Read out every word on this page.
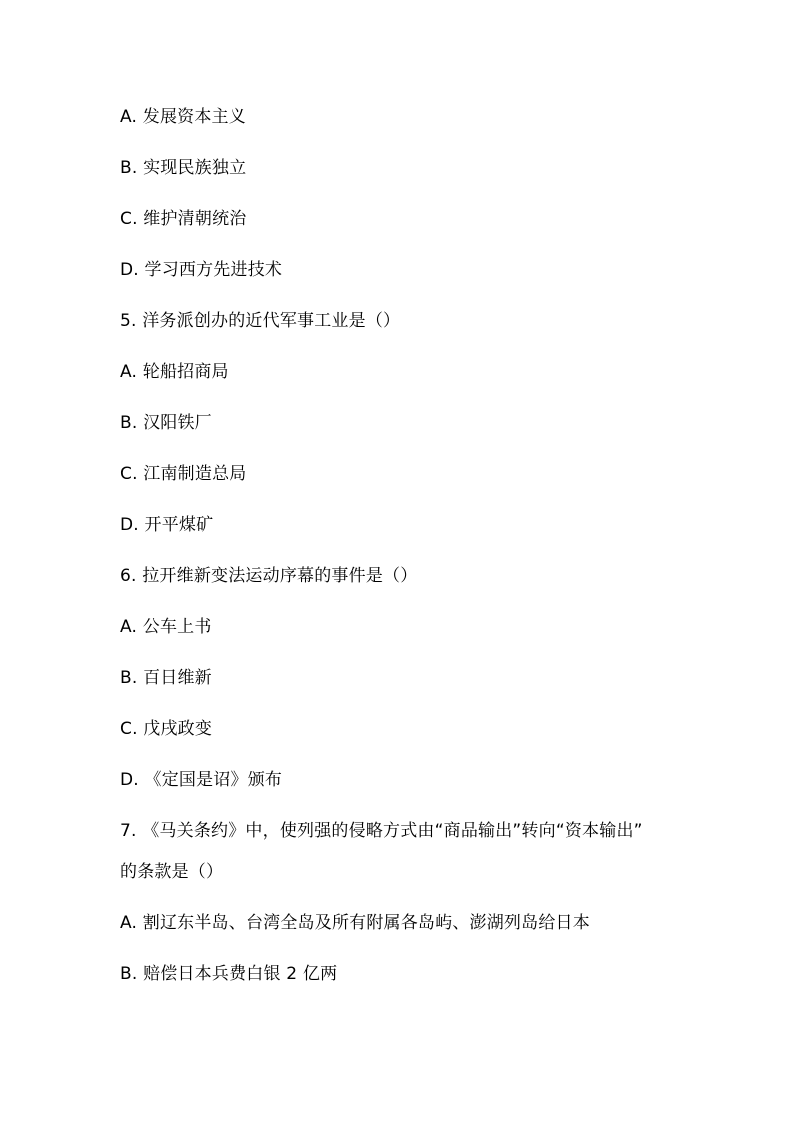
A. 发展资本主义
B. 实现民族独立
C. 维护清朝统治
D. 学习西方先进技术
5. 洋务派创办的近代军事工业是（）
A. 轮船招商局
B. 汉阳铁厂
C. 江南制造总局
D. 开平煤矿
6. 拉开维新变法运动序幕的事件是（）
A. 公车上书
B. 百日维新
C. 戊戌政变
D. 《定国是诏》颁布
7. 《马关条约》中，使列强的侵略方式由“商品输出”转向“资本输出”
的条款是（）
A. 割辽东半岛、台湾全岛及所有附属各岛屿、澎湖列岛给日本
B. 赔偿日本兵费白银 2 亿两
